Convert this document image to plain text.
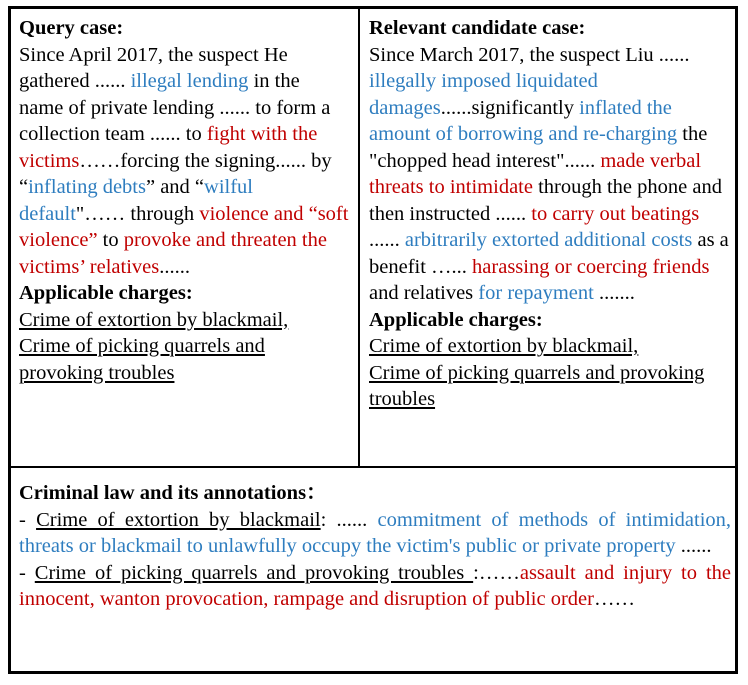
Query case:
Since April 2017, the suspect He gathered ...... illegal lending in the name of private lending ...... to form a collection team ...... to fight with the victims……forcing the signing...... by “inflating debts” and “wilful default"…… through violence and “soft violence” to provoke and threaten the victims’ relatives......
Applicable charges:
Crime of extortion by blackmail,
Crime of picking quarrels and provoking troubles
Relevant candidate case:
Since March 2017, the suspect Liu ...... illegally imposed liquidated damages......significantly inflated the amount of borrowing and re-charging the "chopped head interest"...... made verbal threats to intimidate through the phone and then instructed ...... to carry out beatings ...... arbitrarily extorted additional costs as a benefit …... harassing or coercing friends and relatives for repayment .......
Applicable charges:
Crime of extortion by blackmail,
Crime of picking quarrels and provoking troubles
Criminal law and its annotations：
- Crime of extortion by blackmail: ...... commitment of methods of intimidation, threats or blackmail to unlawfully occupy the victim's public or private property ......
- Crime of picking quarrels and provoking troubles :……assault and injury to the innocent, wanton provocation, rampage and disruption of public order……
